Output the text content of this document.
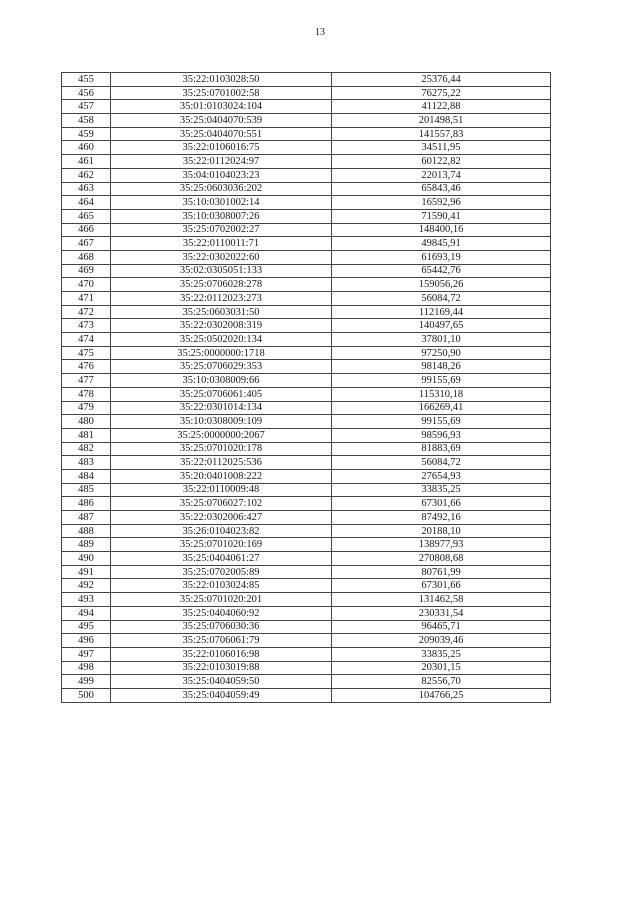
13
455	35:22:0103028:50	25376,44
456	35:25:0701002:58	76275,22
457	35:01:0103024:104	41122,88
458	35:25:0404070:539	201498,51
459	35:25:0404070:551	141557,83
460	35:22:0106016:75	34511,95
461	35:22:0112024:97	60122,82
462	35:04:0104023:23	22013,74
463	35:25:0603036:202	65843,46
464	35:10:0301002:14	16592,96
465	35:10:0308007:26	71590,41
466	35:25:0702002:27	148400,16
467	35:22:0110011:71	49845,91
468	35:22:0302022:60	61693,19
469	35:02:0305051:133	65442,76
470	35:25:0706028:278	159056,26
471	35:22:0112023:273	56084,72
472	35:25:0603031:50	112169,44
473	35:22:0302008:319	140497,65
474	35:25:0502020:134	37801,10
475	35:25:0000000:1718	97250,90
476	35:25:0706029:353	98148,26
477	35:10:0308009:66	99155,69
478	35:25:0706061:405	115310,18
479	35:22:0301014:134	166269,41
480	35:10:0308009:109	99155,69
481	35:25:0000000:2067	98596,93
482	35:25:0701020:178	81883,69
483	35:22:0112025:536	56084,72
484	35:20:0401008:222	27654,93
485	35:22:0110009:48	33835,25
486	35:25:0706027:102	67301,66
487	35:22:0302006:427	87492,16
488	35:26:0104023:82	20188,10
489	35:25:0701020:169	138977,93
490	35:25:0404061:27	270808,68
491	35:25:0702005:89	80761,99
492	35:22:0103024:85	67301,66
493	35:25:0701020:201	131462,58
494	35:25:0404060:92	230331,54
495	35:25:0706030:36	96465,71
496	35:25:0706061:79	209039,46
497	35:22:0106016:98	33835,25
498	35:22:0103019:88	20301,15
499	35:25:0404059:50	82556,70
500	35:25:0404059:49	104766,25
